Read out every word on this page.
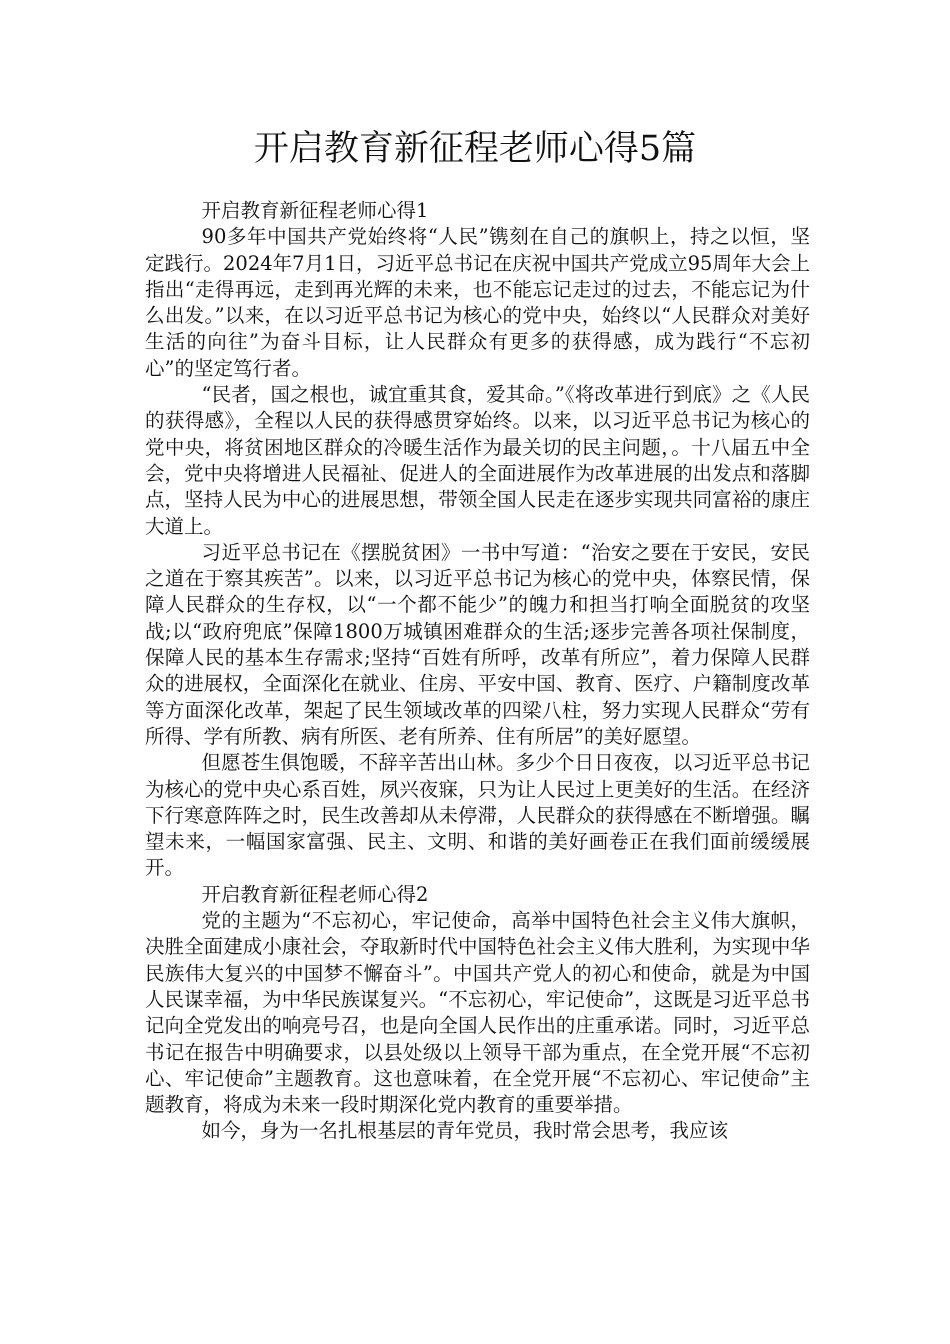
开启教育新征程老师心得5篇

开启教育新征程老师心得1

90多年中国共产党始终将“人民”镌刻在自己的旗帜上，持之以恒，坚定践行。2024年7月1日，习近平总书记在庆祝中国共产党成立95周年大会上指出“走得再远，走到再光辉的未来，也不能忘记走过的过去，不能忘记为什么出发。”以来，在以习近平总书记为核心的党中央，始终以“人民群众对美好生活的向往”为奋斗目标，让人民群众有更多的获得感，成为践行“不忘初心”的坚定笃行者。

“民者，国之根也，诚宜重其食，爱其命。”《将改革进行到底》之《人民的获得感》，全程以人民的获得感贯穿始终。以来，以习近平总书记为核心的党中央，将贫困地区群众的冷暖生活作为最关切的民主问题，。十八届五中全会，党中央将增进人民福祉、促进人的全面进展作为改革进展的出发点和落脚点，坚持人民为中心的进展思想，带领全国人民走在逐步实现共同富裕的康庄大道上。

习近平总书记在《摆脱贫困》一书中写道：“治安之要在于安民，安民之道在于察其疾苦”。以来，以习近平总书记为核心的党中央，体察民情，保障人民群众的生存权，以“一个都不能少”的魄力和担当打响全面脱贫的攻坚战;以“政府兜底”保障1800万城镇困难群众的生活;逐步完善各项社保制度，保障人民的基本生存需求;坚持“百姓有所呼，改革有所应”，着力保障人民群众的进展权，全面深化在就业、住房、平安中国、教育、医疗、户籍制度改革等方面深化改革，架起了民生领域改革的四梁八柱，努力实现人民群众“劳有所得、学有所教、病有所医、老有所养、住有所居”的美好愿望。

但愿苍生俱饱暖，不辞辛苦出山林。多少个日日夜夜，以习近平总书记为核心的党中央心系百姓，夙兴夜寐，只为让人民过上更美好的生活。在经济下行寒意阵阵之时，民生改善却从未停滞，人民群众的获得感在不断增强。瞩望未来，一幅国家富强、民主、文明、和谐的美好画卷正在我们面前缓缓展开。

开启教育新征程老师心得2

党的主题为“不忘初心，牢记使命，高举中国特色社会主义伟大旗帜，决胜全面建成小康社会，夺取新时代中国特色社会主义伟大胜利，为实现中华民族伟大复兴的中国梦不懈奋斗”。中国共产党人的初心和使命，就是为中国人民谋幸福，为中华民族谋复兴。“不忘初心，牢记使命”，这既是习近平总书记向全党发出的响亮号召，也是向全国人民作出的庄重承诺。同时，习近平总书记在报告中明确要求，以县处级以上领导干部为重点，在全党开展“不忘初心、牢记使命”主题教育。这也意味着，在全党开展“不忘初心、牢记使命”主题教育，将成为未来一段时期深化党内教育的重要举措。

如今，身为一名扎根基层的青年党员，我时常会思考，我应该
